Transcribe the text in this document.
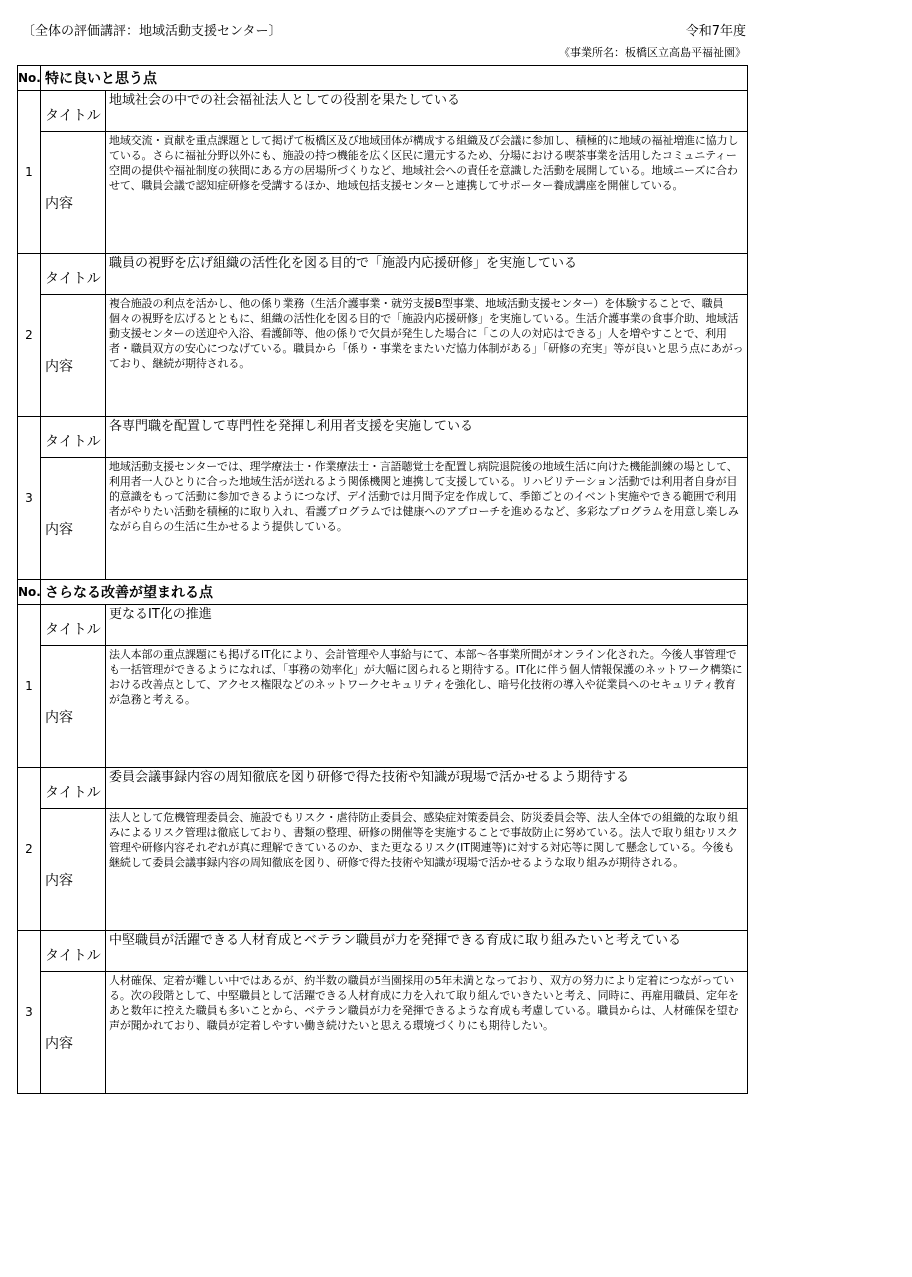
〔全体の評価講評：地域活動支援センター〕	令和7年度
《事業所名：板橋区立高島平福祉園》
No.	特に良いと思う点	
1	タイトル	地域社会の中での社会福祉法人としての役割を果たしている
	内容	地域交流・貢献を重点課題として掲げて板橋区及び地域団体が構成する組織及び会議に参加し、積極的に地域の福祉増進に協力している。さらに福祉分野以外にも、施設の持つ機能を広く区民に還元するため、分場における喫茶事業を活用したコミュニティー空間の提供や福祉制度の狭間にある方の居場所づくりなど、地域社会への責任を意識した活動を展開している。地域ニーズに合わせて、職員会議で認知症研修を受講するほか、地域包括支援センターと連携してサポーター養成講座を開催している。
2	タイトル	職員の視野を広げ組織の活性化を図る目的で「施設内応援研修」を実施している
	内容	複合施設の利点を活かし、他の係り業務（生活介護事業・就労支援B型事業、地域活動支援センター）を体験することで、職員個々の視野を広げるとともに、組織の活性化を図る目的で「施設内応援研修」を実施している。生活介護事業の食事介助、地域活動支援センターの送迎や入浴、看護師等、他の係りで欠員が発生した場合に「この人の対応はできる」人を増やすことで、利用者・職員双方の安心につなげている。職員から「係り・事業をまたいだ協力体制がある」「研修の充実」等が良いと思う点にあがっており、継続が期待される。
3	タイトル	各専門職を配置して専門性を発揮し利用者支援を実施している
	内容	地域活動支援センターでは、理学療法士・作業療法士・言語聴覚士を配置し病院退院後の地域生活に向けた機能訓練の場として、利用者一人ひとりに合った地域生活が送れるよう関係機関と連携して支援している。リハビリテーション活動では利用者自身が目的意識をもって活動に参加できるようにつなげ、デイ活動では月間予定を作成して、季節ごとのイベント実施やできる範囲で利用者がやりたい活動を積極的に取り入れ、看護プログラムでは健康へのアプローチを進めるなど、多彩なプログラムを用意し楽しみながら自らの生活に生かせるよう提供している。
No.	さらなる改善が望まれる点	
1	タイトル	更なるIT化の推進
	内容	法人本部の重点課題にも掲げるIT化により、会計管理や人事給与にて、本部～各事業所間がオンライン化された。今後人事管理でも一括管理ができるようになれば、「事務の効率化」が大幅に図られると期待する。IT化に伴う個人情報保護のネットワーク構築における改善点として、アクセス権限などのネットワークセキュリティを強化し、暗号化技術の導入や従業員へのセキュリティ教育が急務と考える。
2	タイトル	委員会議事録内容の周知徹底を図り研修で得た技術や知識が現場で活かせるよう期待する
	内容	法人として危機管理委員会、施設でもリスク・虐待防止委員会、感染症対策委員会、防災委員会等、法人全体での組織的な取り組みによるリスク管理は徹底しており、書類の整理、研修の開催等を実施することで事故防止に努めている。法人で取り組むリスク管理や研修内容それぞれが真に理解できているのか、また更なるリスク(IT関連等)に対する対応等に関して懸念している。今後も継続して委員会議事録内容の周知徹底を図り、研修で得た技術や知識が現場で活かせるような取り組みが期待される。
3	タイトル	中堅職員が活躍できる人材育成とベテラン職員が力を発揮できる育成に取り組みたいと考えている
	内容	人材確保、定着が難しい中ではあるが、約半数の職員が当園採用の5年未満となっており、双方の努力により定着につながっている。次の段階として、中堅職員として活躍できる人材育成に力を入れて取り組んでいきたいと考え、同時に、再雇用職員、定年をあと数年に控えた職員も多いことから、ベテラン職員が力を発揮できるような育成も考慮している。職員からは、人材確保を望む声が聞かれており、職員が定着しやすい働き続けたいと思える環境づくりにも期待したい。
